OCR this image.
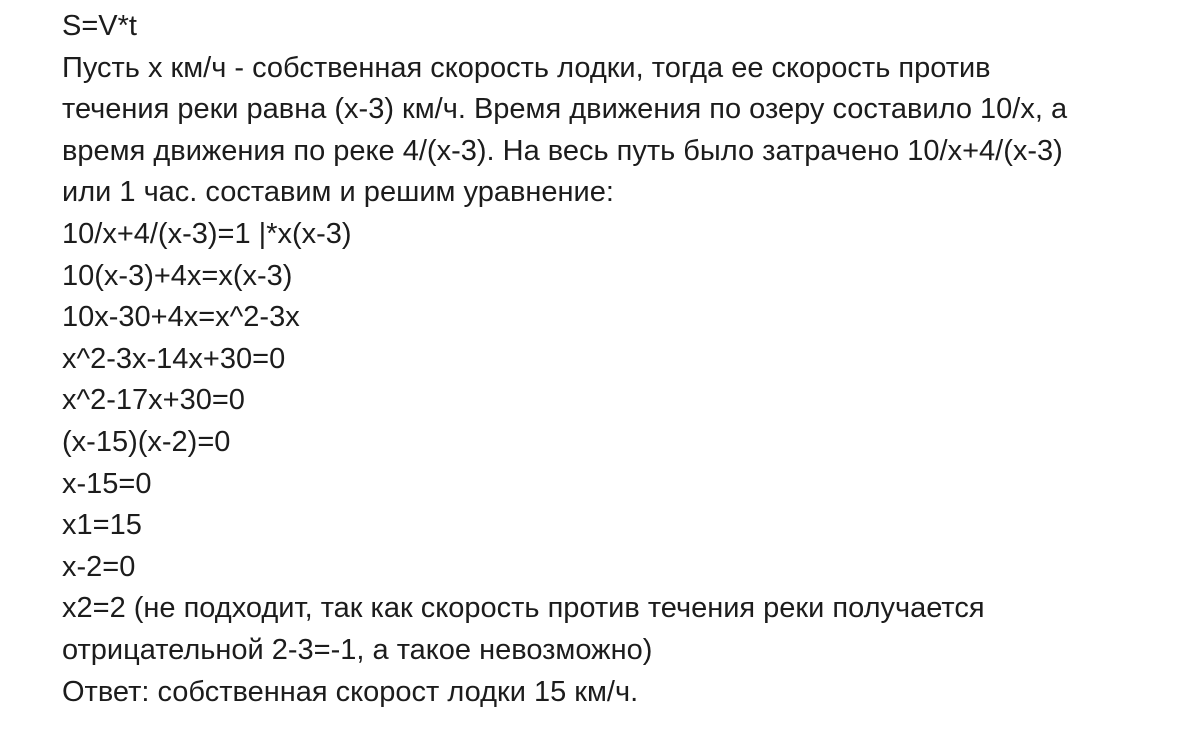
S=V*t
Пусть x км/ч - собственная скорость лодки, тогда ее скорость против
течения реки равна (x-3) км/ч. Время движения по озеру составило 10/x, а
время движения по реке 4/(x-3). На весь путь было затрачено 10/x+4/(x-3)
или 1 час. составим и решим уравнение:
10/x+4/(x-3)=1 |*x(x-3)
10(x-3)+4x=x(x-3)
10x-30+4x=x^2-3x
x^2-3x-14x+30=0
x^2-17x+30=0
(x-15)(x-2)=0
x-15=0
x1=15
x-2=0
x2=2 (не подходит, так как скорость против течения реки получается
отрицательной 2-3=-1, а такое невозможно)
Ответ: собственная скорост лодки 15 км/ч.
